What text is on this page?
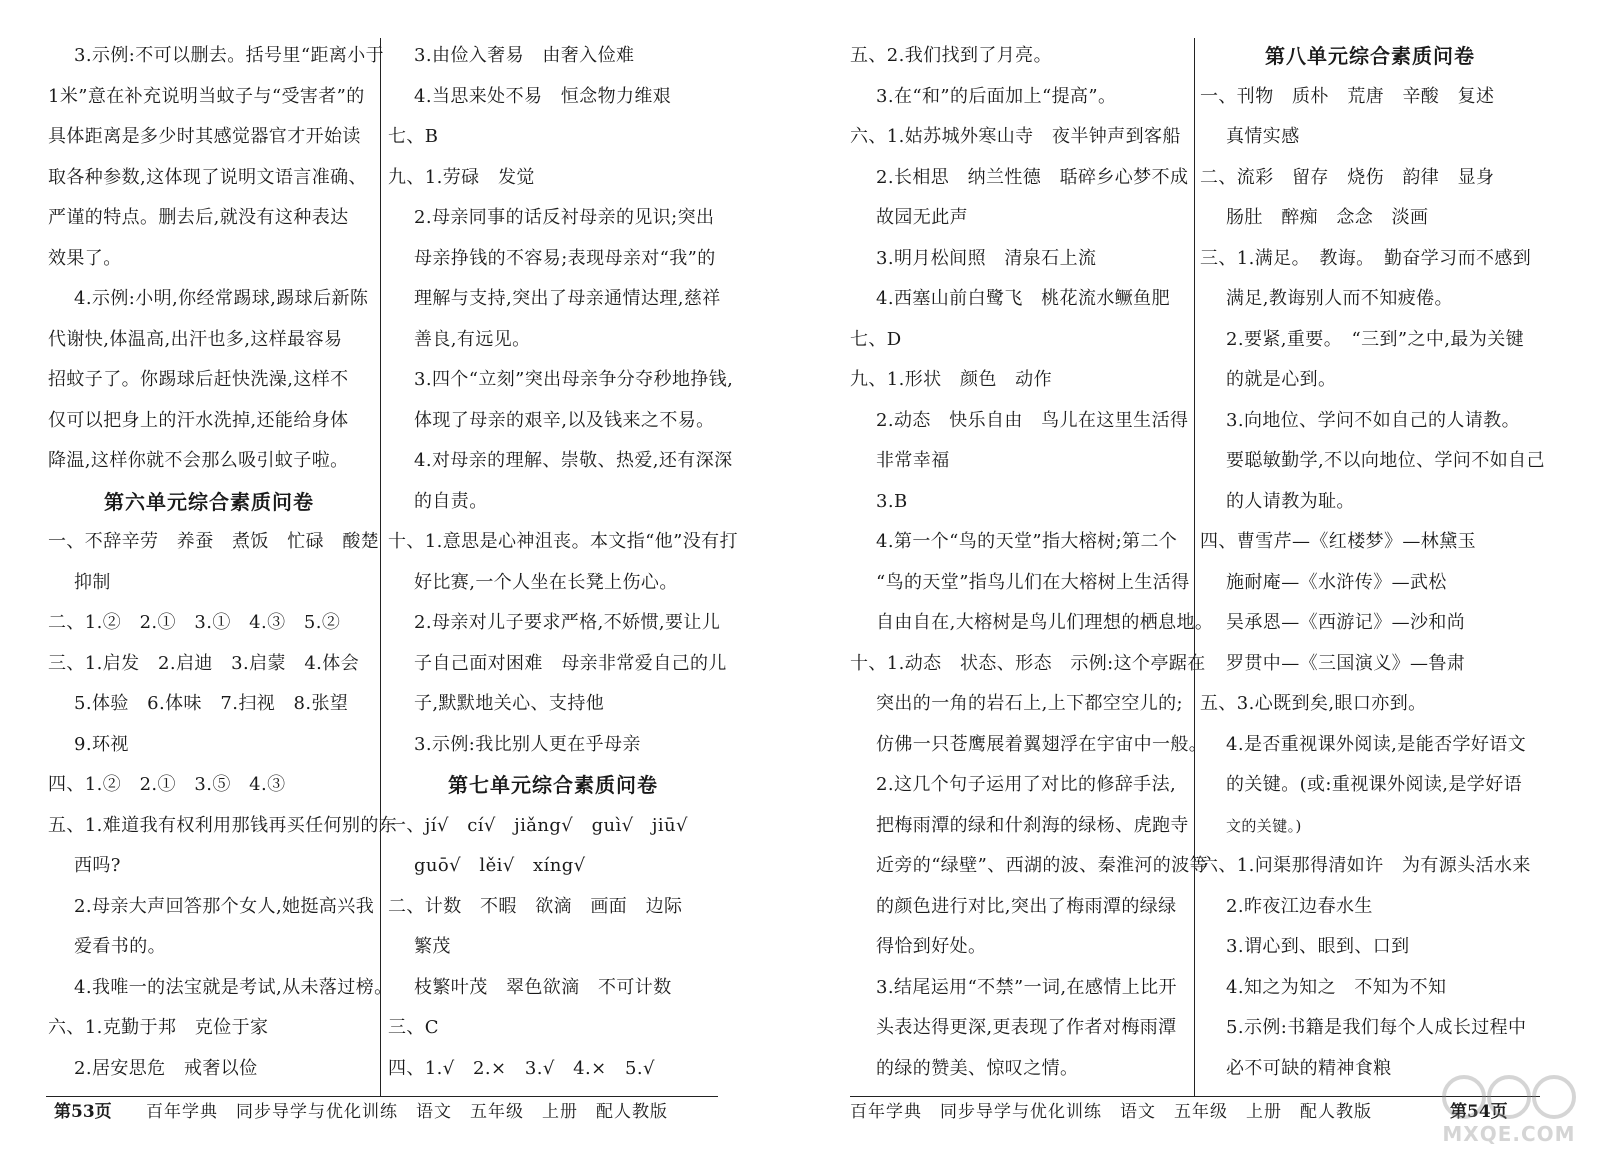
3.示例:不可以删去。括号里“距离小于
1米”意在补充说明当蚊子与“受害者”的
具体距离是多少时其感觉器官才开始读
取各种参数,这体现了说明文语言准确、
严谨的特点。删去后,就没有这种表达
效果了。
4.示例:小明,你经常踢球,踢球后新陈
代谢快,体温高,出汗也多,这样最容易
招蚊子了。你踢球后赶快洗澡,这样不
仅可以把身上的汗水洗掉,还能给身体
降温,这样你就不会那么吸引蚊子啦。
第六单元综合素质问卷
一、不辞辛劳　养蚕　煮饭　忙碌　酸楚
抑制
二、1.②　2.①　3.①　4.③　5.②
三、1.启发　2.启迪　3.启蒙　4.体会
5.体验　6.体味　7.扫视　8.张望
9.环视
四、1.②　2.①　3.⑤　4.③
五、1.难道我有权利用那钱再买任何别的东
西吗?
2.母亲大声回答那个女人,她挺高兴我
爱看书的。
4.我唯一的法宝就是考试,从未落过榜。
六、1.克勤于邦　克俭于家
2.居安思危　戒奢以俭
3.由俭入奢易　由奢入俭难
4.当思来处不易　恒念物力维艰
七、B
九、1.劳碌　发觉
2.母亲同事的话反衬母亲的见识;突出
母亲挣钱的不容易;表现母亲对“我”的
理解与支持,突出了母亲通情达理,慈祥
善良,有远见。
3.四个“立刻”突出母亲争分夺秒地挣钱,
体现了母亲的艰辛,以及钱来之不易。
4.对母亲的理解、崇敬、热爱,还有深深
的自责。
十、1.意思是心神沮丧。本文指“他”没有打
好比赛,一个人坐在长凳上伤心。
2.母亲对儿子要求严格,不娇惯,要让儿
子自己面对困难　母亲非常爱自己的儿
子,默默地关心、支持他
3.示例:我比别人更在乎母亲
第七单元综合素质问卷
一、jí√　cí√　jiǎng√　guì√　jiū√
guō√　lěi√　xíng√
二、计数　不暇　欲滴　画面　边际
繁茂
枝繁叶茂　翠色欲滴　不可计数
三、C
四、1.√　2.×　3.√　4.×　5.√
第53页 百年学典　同步导学与优化训练　语文　五年级　上册　配人教版
五、2.我们找到了月亮。
3.在“和”的后面加上“提高”。
六、1.姑苏城外寒山寺　夜半钟声到客船
2.长相思　纳兰性德　聒碎乡心梦不成
故园无此声
3.明月松间照　清泉石上流
4.西塞山前白鹭飞　桃花流水鳜鱼肥
七、D
九、1.形状　颜色　动作
2.动态　快乐自由　鸟儿在这里生活得
非常幸福
3.B
4.第一个“鸟的天堂”指大榕树;第二个
“鸟的天堂”指鸟儿们在大榕树上生活得
自由自在,大榕树是鸟儿们理想的栖息地。
十、1.动态　状态、形态　示例:这个亭踞在
突出的一角的岩石上,上下都空空儿的;
仿佛一只苍鹰展着翼翅浮在宇宙中一般。
2.这几个句子运用了对比的修辞手法,
把梅雨潭的绿和什刹海的绿杨、虎跑寺
近旁的“绿壁”、西湖的波、秦淮河的波等
的颜色进行对比,突出了梅雨潭的绿绿
得恰到好处。
3.结尾运用“不禁”一词,在感情上比开
头表达得更深,更表现了作者对梅雨潭
的绿的赞美、惊叹之情。
第八单元综合素质问卷
一、刊物　质朴　荒唐　辛酸　复述
真情实感
二、流彩　留存　烧伤　韵律　显身
肠肚　醉痴　念念　淡画
三、1.满足。　教诲。　勤奋学习而不感到
满足,教诲别人而不知疲倦。
2.要紧,重要。　“三到”之中,最为关键
的就是心到。
3.向地位、学问不如自己的人请教。
要聪敏勤学,不以向地位、学问不如自己
的人请教为耻。
四、曹雪芹—《红楼梦》—林黛玉
施耐庵—《水浒传》—武松
吴承恩—《西游记》—沙和尚
罗贯中—《三国演义》—鲁肃
五、3.心既到矣,眼口亦到。
4.是否重视课外阅读,是能否学好语文
的关键。(或:重视课外阅读,是学好语
文的关键。)
六、1.问渠那得清如许　为有源头活水来
2.昨夜江边春水生
3.谓心到、眼到、口到
4.知之为知之　不知为不知
5.示例:书籍是我们每个人成长过程中
必不可缺的精神食粮
百年学典　同步导学与优化训练　语文　五年级　上册　配人教版	第54页
MXQE.COM
